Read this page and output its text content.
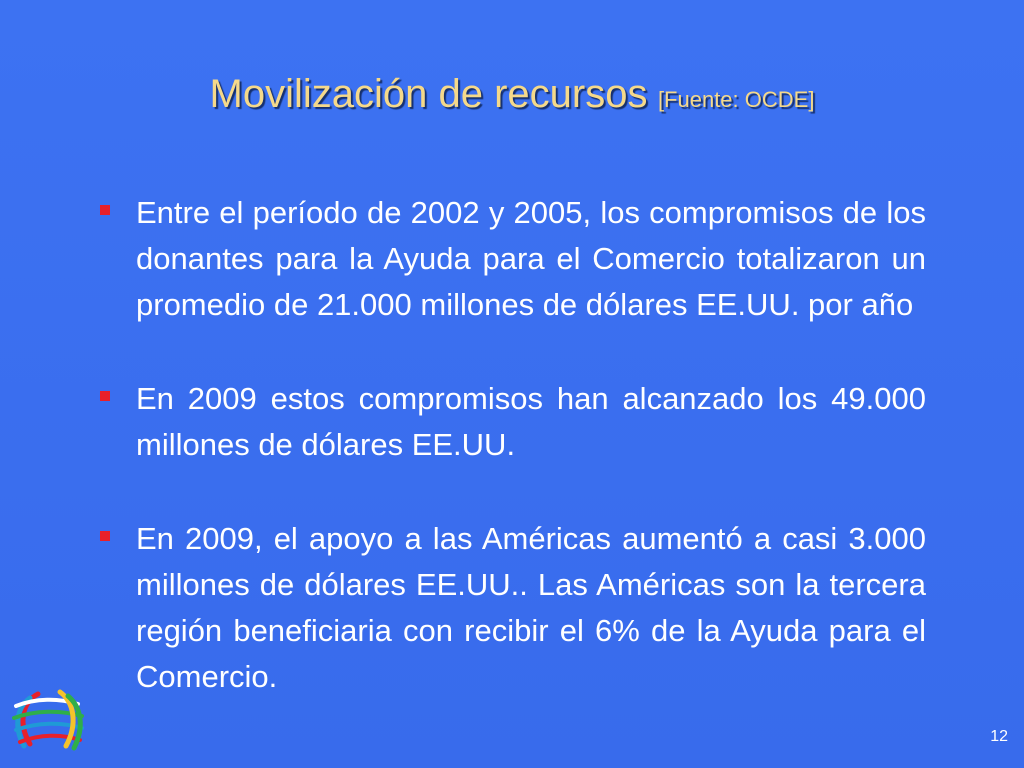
Movilización de recursos [Fuente: OCDE]
Entre el período de 2002 y 2005, los compromisos de los donantes para la Ayuda para el Comercio totalizaron un promedio de 21.000 millones de dólares EE.UU. por año
En 2009 estos compromisos han alcanzado los 49.000 millones de dólares EE.UU.
En 2009, el apoyo a las Américas aumentó a casi 3.000 millones de dólares EE.UU.. Las Américas son la tercera región beneficiaria con recibir el 6% de la Ayuda para el Comercio.
12
